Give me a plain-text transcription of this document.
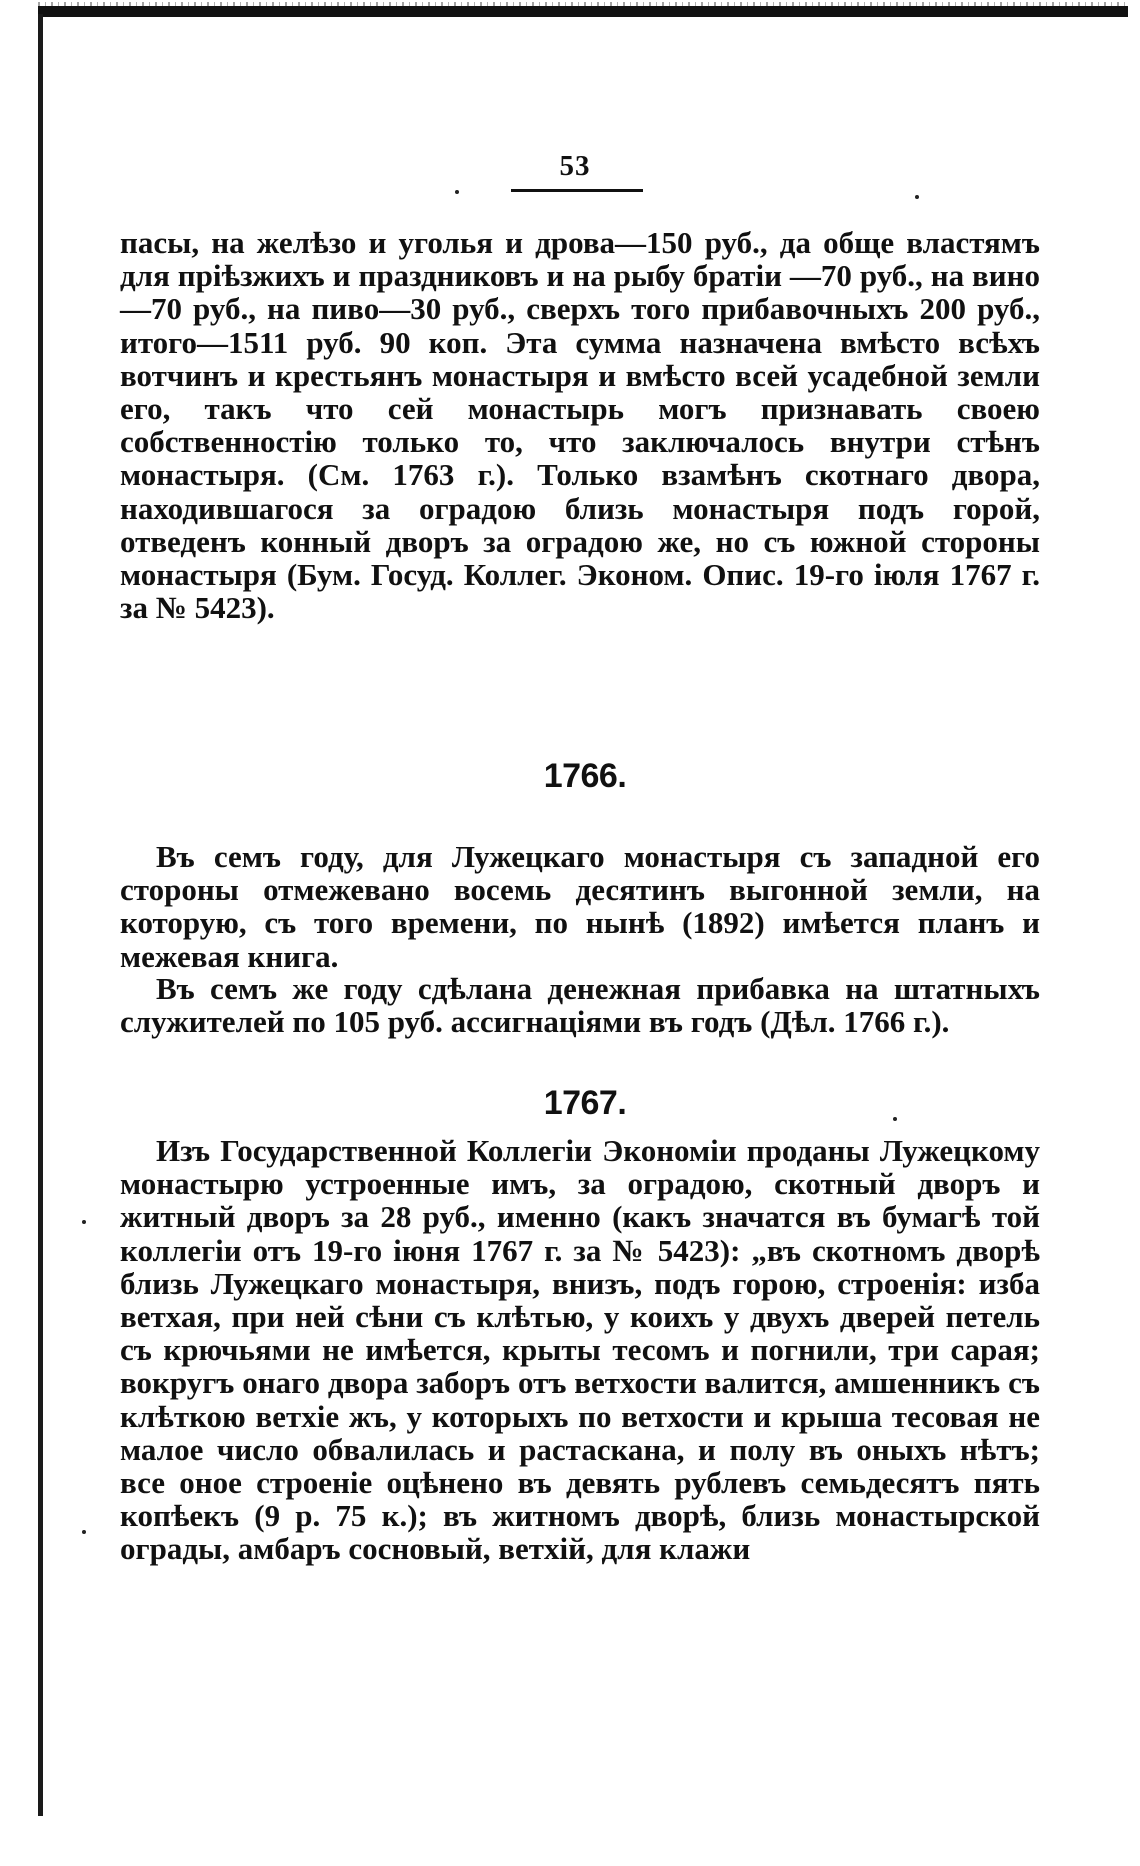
53

пасы, на желѣзо и уголья и дрова—150 руб., да обще властямъ для пріѣзжихъ и праздниковъ и на рыбу братіи —70 руб., на вино—70 руб., на пиво—30 руб., сверхъ того прибавочныхъ 200 руб., итого—1511 руб. 90 коп. Эта сумма назначена вмѣсто всѣхъ вотчинъ и крестьянъ монастыря и вмѣсто всей усадебной земли его, такъ что сей монастырь могъ признавать своею собственностію только то, что заключалось внутри стѣнъ монастыря. (См. 1763 г.). Только взамѣнъ скотнаго двора, находившагося за оградою близь монастыря подъ горой, отведенъ конный дворъ за оградою же, но съ южной стороны монастыря (Бум. Госуд. Коллег. Эконом. Опис. 19-го іюля 1767 г. за № 5423).

1766.

Въ семъ году, для Лужецкаго монастыря съ западной его стороны отмежевано восемь десятинъ выгонной земли, на которую, съ того времени, по нынѣ (1892) имѣется планъ и межевая книга.

Въ семъ же году сдѣлана денежная прибавка на штатныхъ служителей по 105 руб. ассигнаціями въ годъ (Дѣл. 1766 г.).

1767.

Изъ Государственной Коллегіи Экономіи проданы Лужецкому монастырю устроенные имъ, за оградою, скотный дворъ и житный дворъ за 28 руб., именно (какъ значатся въ бумагѣ той коллегіи отъ 19-го іюня 1767 г. за № 5423): „въ скотномъ дворѣ близь Лужецкаго монастыря, внизъ, подъ горою, строенія: изба ветхая, при ней сѣни съ клѣтью, у коихъ у двухъ дверей петель съ крючьями не имѣется, крыты тесомъ и погнили, три сарая; вокругъ онаго двора заборъ отъ ветхости валится, амшенникъ съ клѣткою ветхіе жъ, у которыхъ по ветхости и крыша тесовая не малое число обвалилась и растаскана, и полу въ оныхъ нѣтъ; все оное строеніе оцѣнено въ девять рублевъ семьдесятъ пять копѣекъ (9 р. 75 к.); въ житномъ дворѣ, близь монастырской ограды, амбаръ сосновый, ветхій, для клажи
